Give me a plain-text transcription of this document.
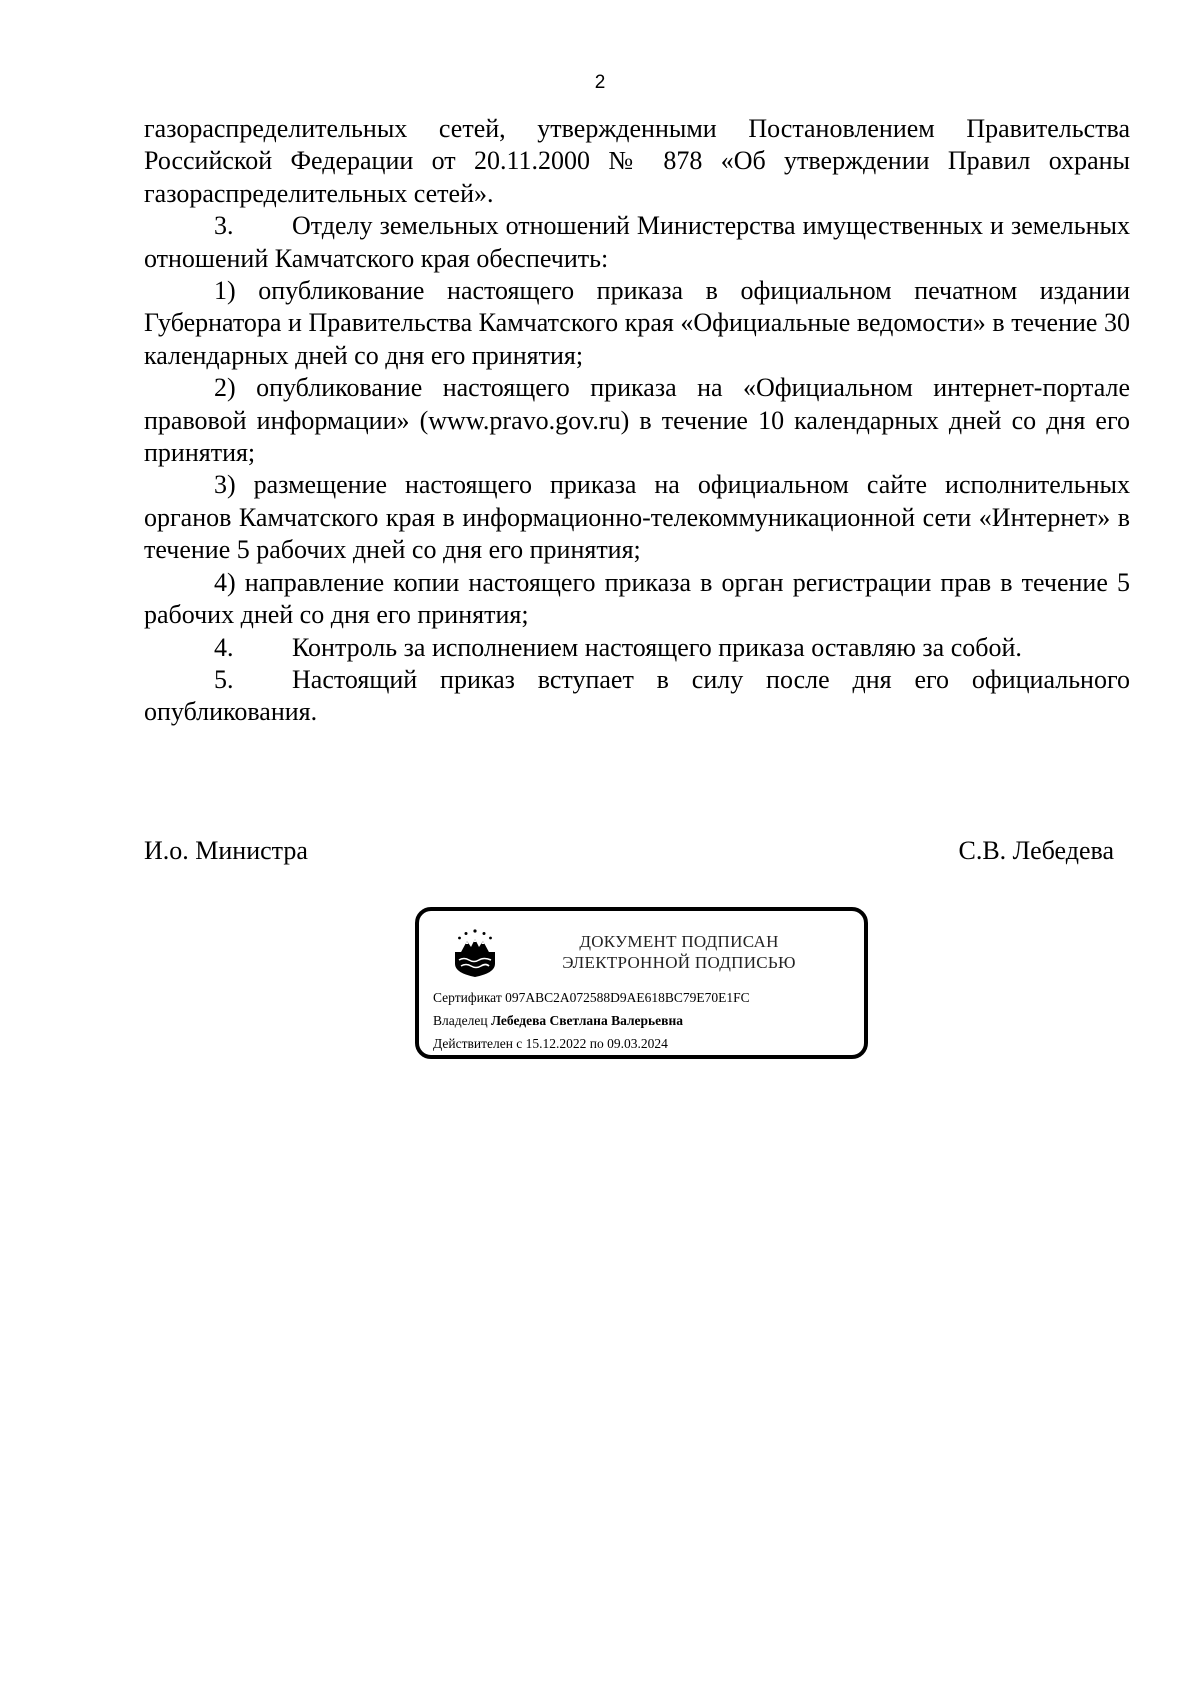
2

газораспределительных сетей, утвержденными Постановлением Правительства Российской Федерации от 20.11.2000 № 878 «Об утверждении Правил охраны газораспределительных сетей».

3. Отделу земельных отношений Министерства имущественных и земельных отношений Камчатского края обеспечить:

1) опубликование настоящего приказа в официальном печатном издании Губернатора и Правительства Камчатского края «Официальные ведомости» в течение 30 календарных дней со дня его принятия;

2) опубликование настоящего приказа на «Официальном интернет-портале правовой информации» (www.pravo.gov.ru) в течение 10 календарных дней со дня его принятия;

3) размещение настоящего приказа на официальном сайте исполнительных органов Камчатского края в информационно-телекоммуникационной сети «Интернет» в течение 5 рабочих дней со дня его принятия;

4) направление копии настоящего приказа в орган регистрации прав в течение 5 рабочих дней со дня его принятия;

4. Контроль за исполнением настоящего приказа оставляю за собой.

5. Настоящий приказ вступает в силу после дня его официального опубликования.

И.о. Министра	С.В. Лебедева
ДОКУМЕНТ ПОДПИСАН
ЭЛЕКТРОННОЙ ПОДПИСЬЮ
Сертификат 097ABC2A072588D9AE618BC79E70E1FC
Владелец Лебедева Светлана Валерьевна
Действителен с 15.12.2022 по 09.03.2024
